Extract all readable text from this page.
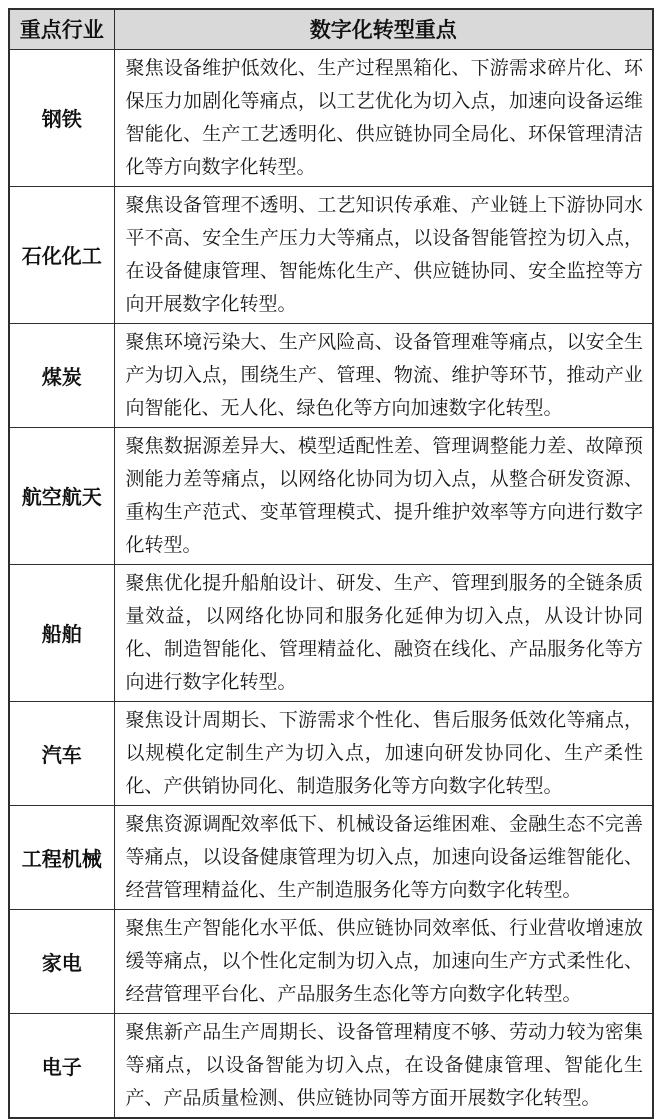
重点行业	数字化转型重点
钢铁	聚焦设备维护低效化、生产过程黑箱化、下游需求碎片化、环保压力加剧化等痛点，以工艺优化为切入点，加速向设备运维智能化、生产工艺透明化、供应链协同全局化、环保管理清洁化等方向数字化转型。
石化化工	聚焦设备管理不透明、工艺知识传承难、产业链上下游协同水平不高、安全生产压力大等痛点，以设备智能管控为切入点，在设备健康管理、智能炼化生产、供应链协同、安全监控等方向开展数字化转型。
煤炭	聚焦环境污染大、生产风险高、设备管理难等痛点，以安全生产为切入点，围绕生产、管理、物流、维护等环节，推动产业向智能化、无人化、绿色化等方向加速数字化转型。
航空航天	聚焦数据源差异大、模型适配性差、管理调整能力差、故障预测能力差等痛点，以网络化协同为切入点，从整合研发资源、重构生产范式、变革管理模式、提升维护效率等方向进行数字化转型。
船舶	聚焦优化提升船舶设计、研发、生产、管理到服务的全链条质量效益，以网络化协同和服务化延伸为切入点，从设计协同化、制造智能化、管理精益化、融资在线化、产品服务化等方向进行数字化转型。
汽车	聚焦设计周期长、下游需求个性化、售后服务低效化等痛点，以规模化定制生产为切入点，加速向研发协同化、生产柔性化、产供销协同化、制造服务化等方向数字化转型。
工程机械	聚焦资源调配效率低下、机械设备运维困难、金融生态不完善等痛点，以设备健康管理为切入点，加速向设备运维智能化、经营管理精益化、生产制造服务化等方向数字化转型。
家电	聚焦生产智能化水平低、供应链协同效率低、行业营收增速放缓等痛点，以个性化定制为切入点，加速向生产方式柔性化、经营管理平台化、产品服务生态化等方向数字化转型。
电子	聚焦新产品生产周期长、设备管理精度不够、劳动力较为密集等痛点，以设备智能为切入点，在设备健康管理、智能化生产、产品质量检测、供应链协同等方面开展数字化转型。
